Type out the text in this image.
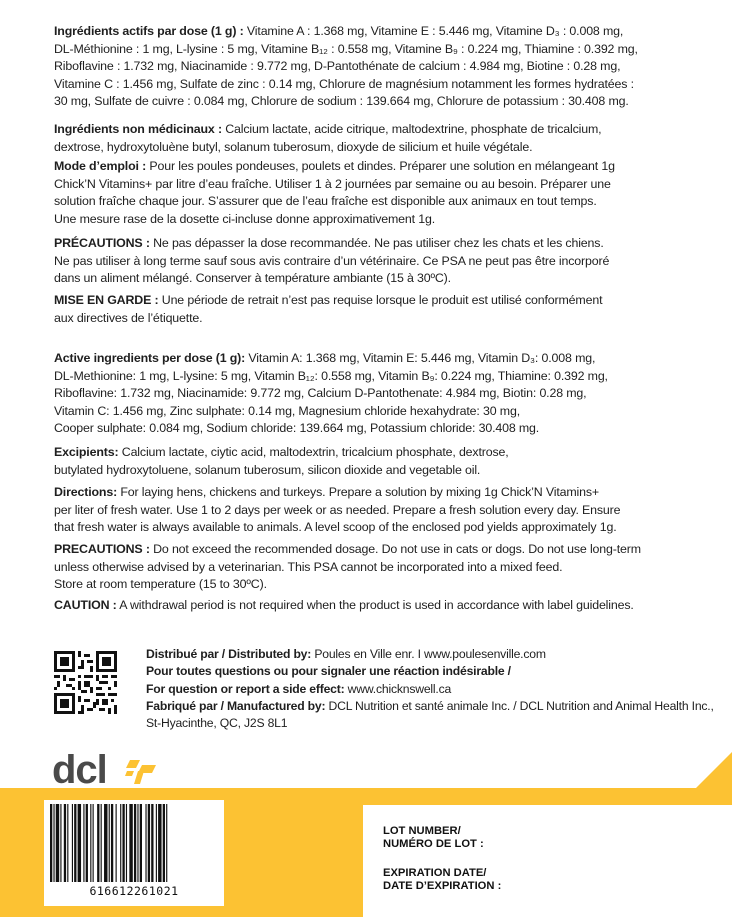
Ingrédients actifs par dose (1 g) : Vitamine A : 1.368 mg, Vitamine E : 5.446 mg, Vitamine D₃ : 0.008 mg,
DL-Méthionine : 1 mg, L-lysine : 5 mg, Vitamine B₁₂ : 0.558 mg, Vitamine B₉ : 0.224 mg, Thiamine : 0.392 mg,
Riboflavine : 1.732 mg, Niacinamide : 9.772 mg, D-Pantothénate de calcium : 4.984 mg, Biotine : 0.28 mg,
Vitamine C : 1.456 mg, Sulfate de zinc : 0.14 mg, Chlorure de magnésium notamment les formes hydratées :
30 mg, Sulfate de cuivre : 0.084 mg, Chlorure de sodium : 139.664 mg, Chlorure de potassium : 30.408 mg.
Ingrédients non médicinaux : Calcium lactate, acide citrique, maltodextrine, phosphate de tricalcium,
dextrose, hydroxytoluène butyl, solanum tuberosum, dioxyde de silicium et huile végétale.
Mode d’emploi : Pour les poules pondeuses, poulets et dindes. Préparer une solution en mélangeant 1g
Chick’N Vitamins+ par litre d’eau fraîche. Utiliser 1 à 2 journées par semaine ou au besoin. Préparer une
solution fraîche chaque jour. S’assurer que de l’eau fraîche est disponible aux animaux en tout temps.
Une mesure rase de la dosette ci-incluse donne approximativement 1g.
PRÉCAUTIONS : Ne pas dépasser la dose recommandée. Ne pas utiliser chez les chats et les chiens.
Ne pas utiliser à long terme sauf sous avis contraire d’un vétérinaire. Ce PSA ne peut pas être incorporé
dans un aliment mélangé. Conserver à température ambiante (15 à 30ºC).
MISE EN GARDE : Une période de retrait n’est pas requise lorsque le produit est utilisé conformément
aux directives de l’étiquette.
Active ingredients per dose (1 g): Vitamin A: 1.368 mg, Vitamin E: 5.446 mg, Vitamin D₃: 0.008 mg,
DL-Methionine: 1 mg, L-lysine: 5 mg, Vitamin B₁₂: 0.558 mg, Vitamin B₉: 0.224 mg, Thiamine: 0.392 mg,
Riboflavine: 1.732 mg, Niacinamide: 9.772 mg, Calcium D-Pantothenate: 4.984 mg, Biotin: 0.28 mg,
Vitamin C: 1.456 mg, Zinc sulphate: 0.14 mg, Magnesium chloride hexahydrate: 30 mg,
Cooper sulphate: 0.084 mg, Sodium chloride: 139.664 mg, Potassium chloride: 30.408 mg.
Excipients: Calcium lactate, ciytic acid, maltodextrin, tricalcium phosphate, dextrose,
butylated hydroxytoluene, solanum tuberosum, silicon dioxide and vegetable oil.
Directions: For laying hens, chickens and turkeys. Prepare a solution by mixing 1g Chick’N Vitamins+
per liter of fresh water. Use 1 to 2 days per week or as needed. Prepare a fresh solution every day. Ensure
that fresh water is always available to animals. A level scoop of the enclosed pod yields approximately 1g.
PRECAUTIONS : Do not exceed the recommended dosage. Do not use in cats or dogs. Do not use long-term
unless otherwise advised by a veterinarian. This PSA cannot be incorporated into a mixed feed.
Store at room temperature (15 to 30ºC).
CAUTION : A withdrawal period is not required when the product is used in accordance with label guidelines.
Distribué par / Distributed by: Poules en Ville enr. I www.poulesenville.com
Pour toutes questions ou pour signaler une réaction indésirable /
For question or report a side effect: www.chicknswell.ca
Fabriqué par / Manufactured by: DCL Nutrition et santé animale Inc. / DCL Nutrition and Animal Health Inc.,
St-Hyacinthe, QC, J2S 8L1
dcl
616612261021
LOT NUMBER/
NUMÉRO DE LOT :
EXPIRATION DATE/
DATE D’EXPIRATION :
